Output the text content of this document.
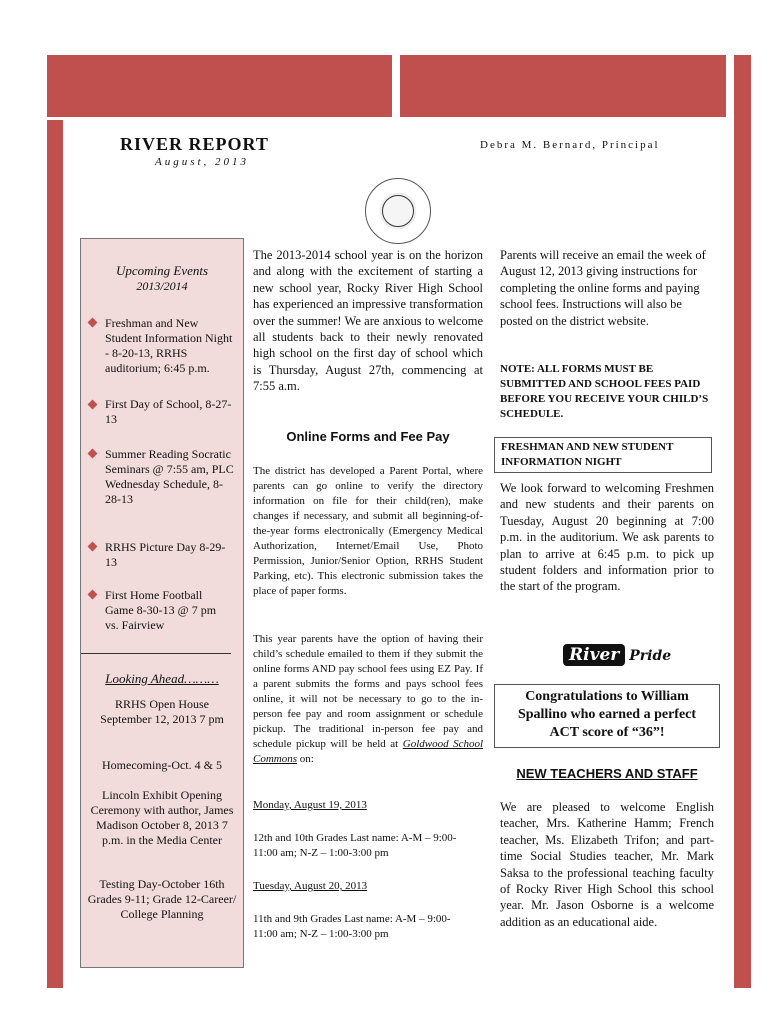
RIVER REPORT
August, 2013
Debra M. Bernard, Principal
Upcoming Events
2013/2014
Freshman and New Student Information Night - 8-20-13, RRHS auditorium; 6:45 p.m.
First Day of School, 8-27-13
Summer Reading Socratic Seminars @ 7:55 am, PLC Wednesday Schedule, 8-28-13
RRHS Picture Day 8-29-13
First Home Football Game 8-30-13 @ 7 pm vs. Fairview
Looking Ahead………
RRHS Open House September 12, 2013 7 pm
Homecoming-Oct. 4 & 5
Lincoln Exhibit Opening Ceremony with author, James Madison October 8, 2013 7 p.m. in the Media Center
Testing Day-October 16th Grades 9-11; Grade 12-Career/ College Planning
The 2013-2014 school year is on the horizon and along with the excitement of starting a new school year, Rocky River High School has experienced an impressive transformation over the summer! We are anxious to welcome all students back to their newly renovated high school on the first day of school which is Thursday, August 27th, commencing at 7:55 a.m.
Online Forms and Fee Pay
The district has developed a Parent Portal, where parents can go online to verify the directory information on file for their child(ren), make changes if necessary, and submit all beginning-of-the-year forms electronically (Emergency Medical Authorization, Internet/Email Use, Photo Permission, Junior/Senior Option, RRHS Student Parking, etc). This electronic submission takes the place of paper forms.
This year parents have the option of having their child’s schedule emailed to them if they submit the online forms AND pay school fees using EZ Pay. If a parent submits the forms and pays school fees online, it will not be necessary to go to the in-person fee pay and room assignment or schedule pickup. The traditional in-person fee pay and schedule pickup will be held at Goldwood School Commons on:
Monday, August 19, 2013
12th and 10th Grades Last name: A-M – 9:00-11:00 am; N-Z – 1:00-3:00 pm
Tuesday, August 20, 2013
11th and 9th Grades Last name: A-M – 9:00-11:00 am; N-Z – 1:00-3:00 pm
Parents will receive an email the week of August 12, 2013 giving instructions for completing the online forms and paying school fees. Instructions will also be posted on the district website.
NOTE: ALL FORMS MUST BE SUBMITTED AND SCHOOL FEES PAID BEFORE YOU RECEIVE YOUR CHILD’S SCHEDULE.
FRESHMAN AND NEW STUDENT INFORMATION NIGHT
We look forward to welcoming Freshmen and new students and their parents on Tuesday, August 20 beginning at 7:00 p.m. in the auditorium. We ask parents to plan to arrive at 6:45 p.m. to pick up student folders and information prior to the start of the program.
River Pride
Congratulations to William Spallino who earned a perfect ACT score of “36”!
NEW TEACHERS AND STAFF
We are pleased to welcome English teacher, Mrs. Katherine Hamm; French teacher, Ms. Elizabeth Trifon; and part-time Social Studies teacher, Mr. Mark Saksa to the professional teaching faculty of Rocky River High School this school year. Mr. Jason Osborne is a welcome addition as an educational aide.
